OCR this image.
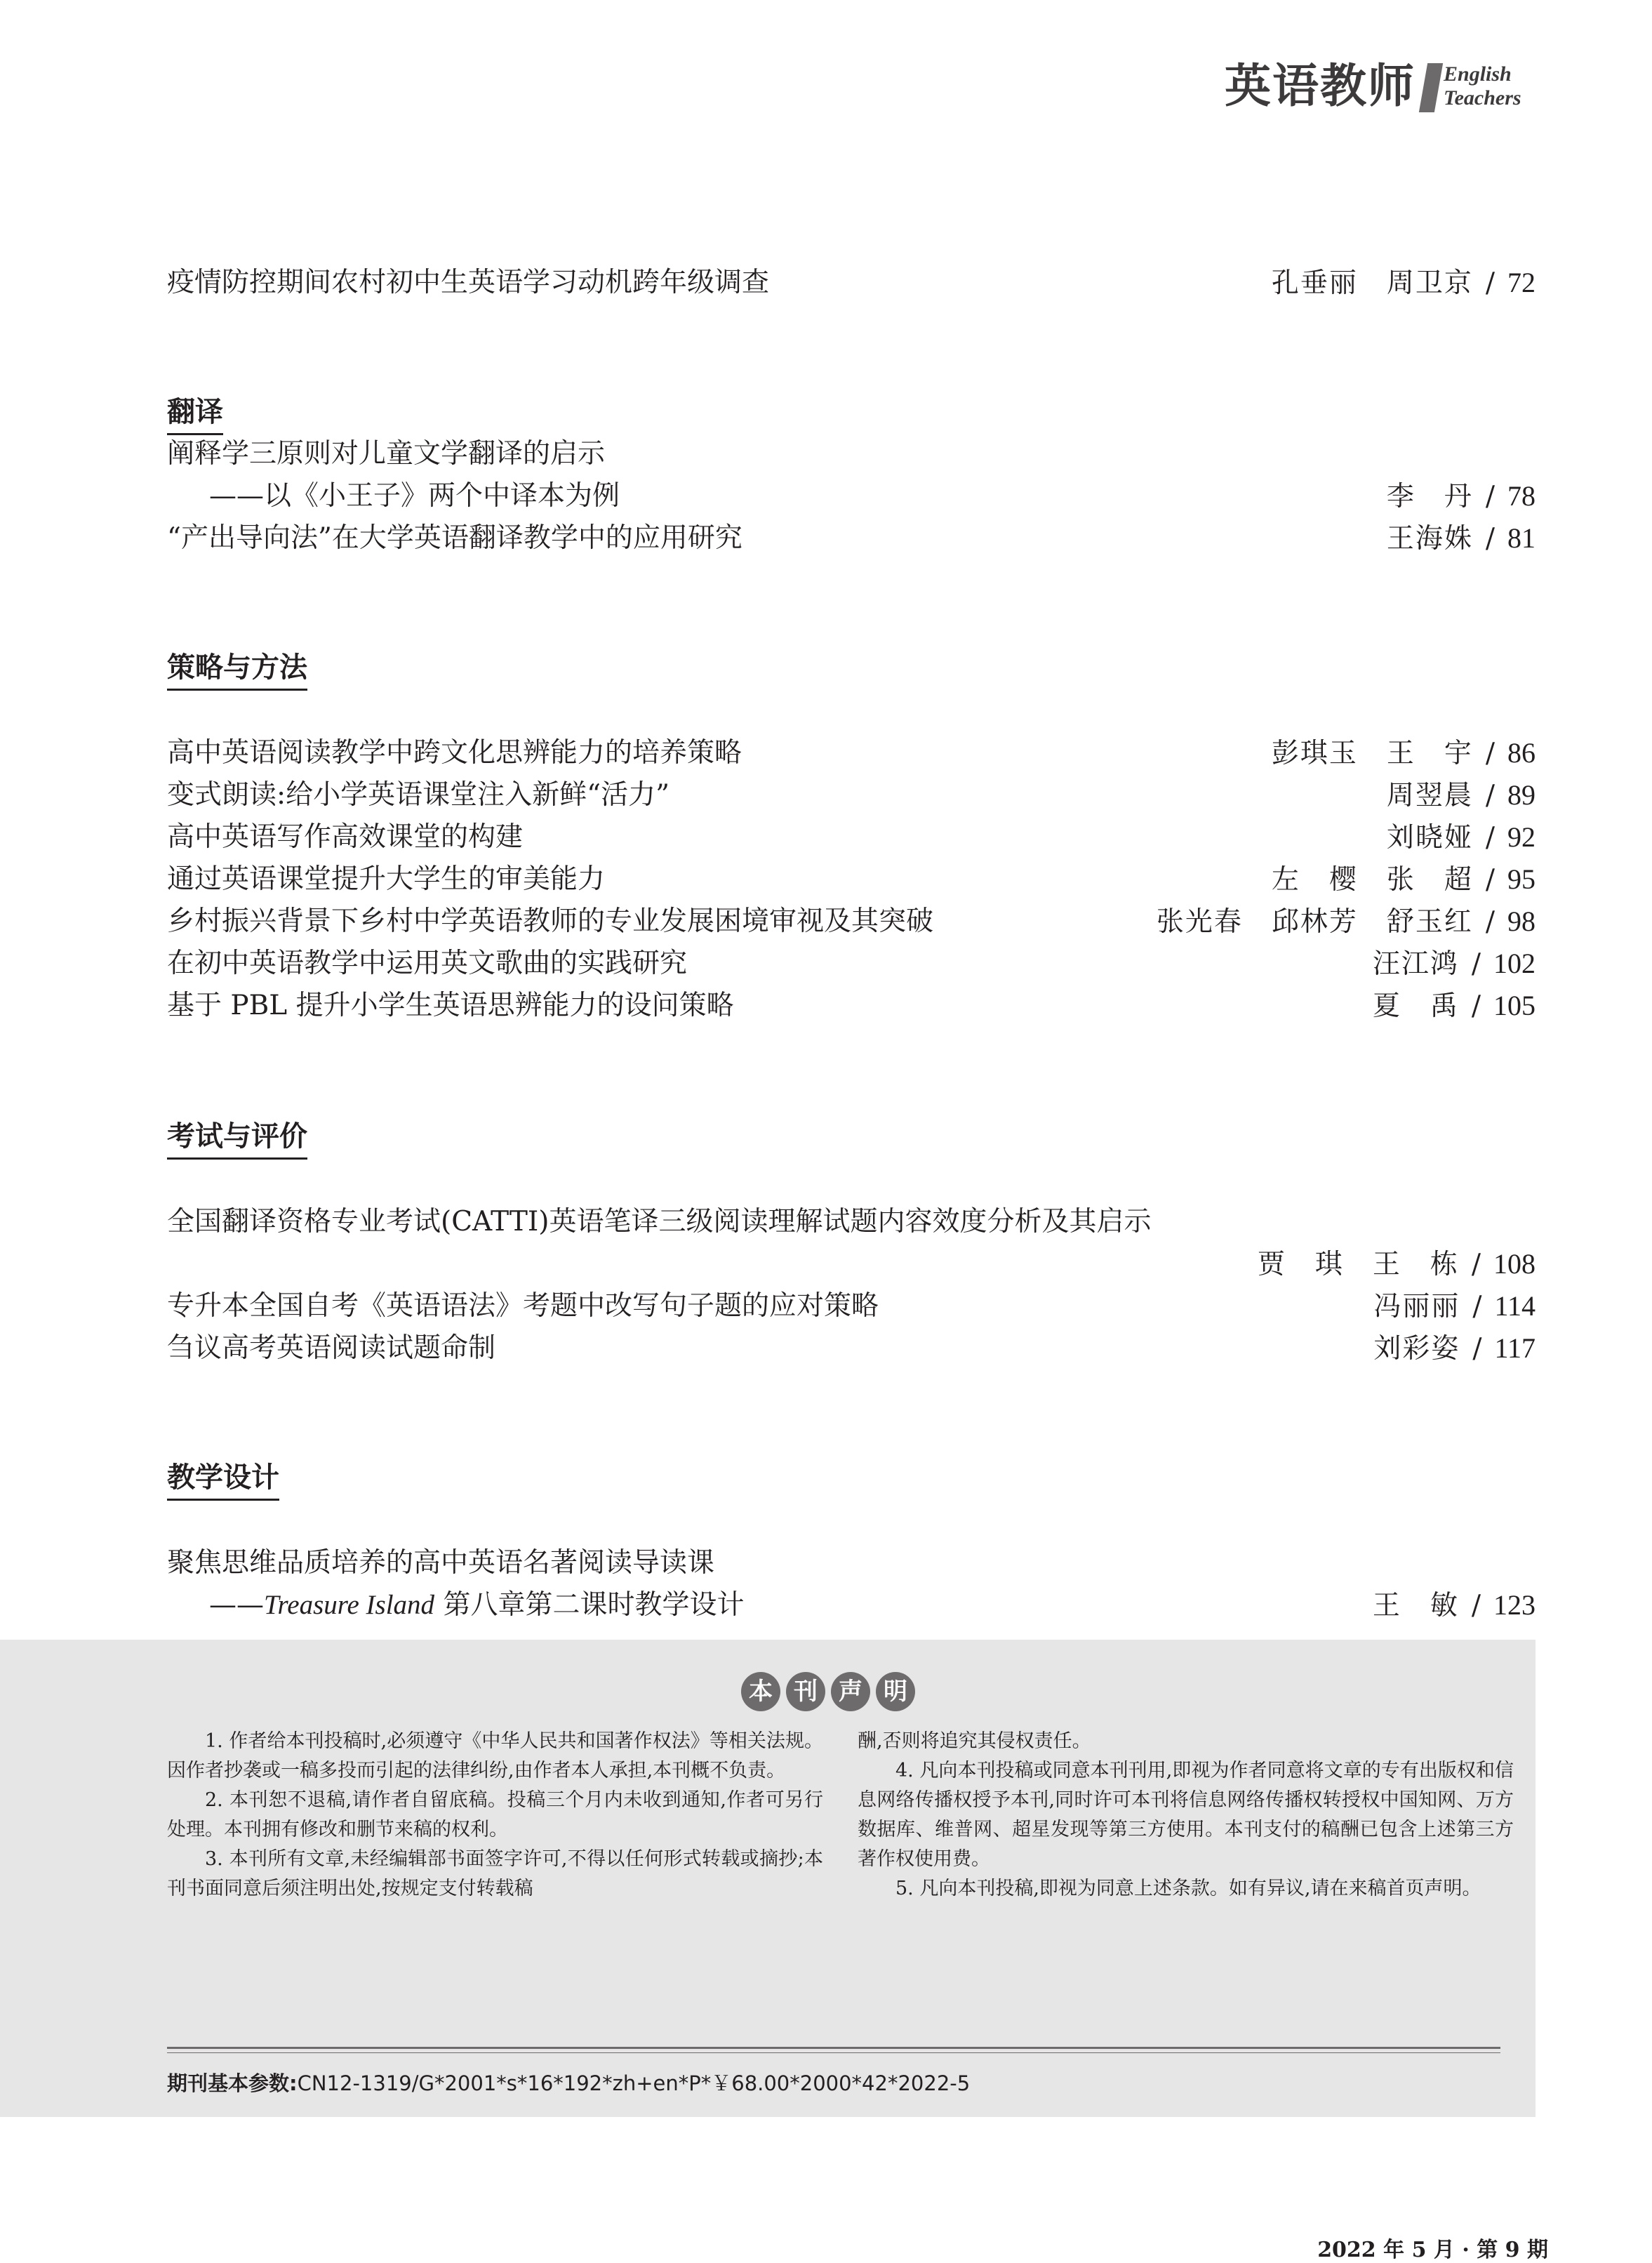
英语教师 English
Teachers
疫情防控期间农村初中生英语学习动机跨年级调查	孔垂丽　周卫京 / 72
翻译
阐释学三原则对儿童文学翻译的启示
——以《小王子》两个中译本为例	李　丹 / 78
“产出导向法”在大学英语翻译教学中的应用研究	王海姝 / 81
策略与方法
高中英语阅读教学中跨文化思辨能力的培养策略	彭琪玉　王　宇 / 86
变式朗读:给小学英语课堂注入新鲜“活力”	周翌晨 / 89
高中英语写作高效课堂的构建	刘晓娅 / 92
通过英语课堂提升大学生的审美能力	左　樱　张　超 / 95
乡村振兴背景下乡村中学英语教师的专业发展困境审视及其突破	张光春　邱林芳　舒玉红 / 98
在初中英语教学中运用英文歌曲的实践研究	汪江鸿 / 102
基于 PBL 提升小学生英语思辨能力的设问策略	夏　禹 / 105
考试与评价
全国翻译资格专业考试(CATTI)英语笔译三级阅读理解试题内容效度分析及其启示
贾　琪　王　栋 / 108
专升本全国自考《英语语法》考题中改写句子题的应对策略	冯丽丽 / 114
刍议高考英语阅读试题命制	刘彩姿 / 117
教学设计
聚焦思维品质培养的高中英语名著阅读导读课
——Treasure Island 第八章第二课时教学设计	王　敏 / 123
本 刊 声 明

1. 作者给本刊投稿时,必须遵守《中华人民共和国著作权法》等相关法规。因作者抄袭或一稿多投而引起的法律纠纷,由作者本人承担,本刊概不负责。

2. 本刊恕不退稿,请作者自留底稿。投稿三个月内未收到通知,作者可另行处理。本刊拥有修改和删节来稿的权利。

3. 本刊所有文章,未经编辑部书面签字许可,不得以任何形式转载或摘抄;本刊书面同意后须注明出处,按规定支付转载稿

酬,否则将追究其侵权责任。

4. 凡向本刊投稿或同意本刊刊用,即视为作者同意将文章的专有出版权和信息网络传播权授予本刊,同时许可本刊将信息网络传播权转授权中国知网、万方数据库、维普网、超星发现等第三方使用。本刊支付的稿酬已包含上述第三方著作权使用费。

5. 凡向本刊投稿,即视为同意上述条款。如有异议,请在来稿首页声明。

期刊基本参数:CN12-1319/G*2001*s*16*192*zh+en*P*￥68.00*2000*42*2022-5
2022 年 5 月 · 第 9 期
